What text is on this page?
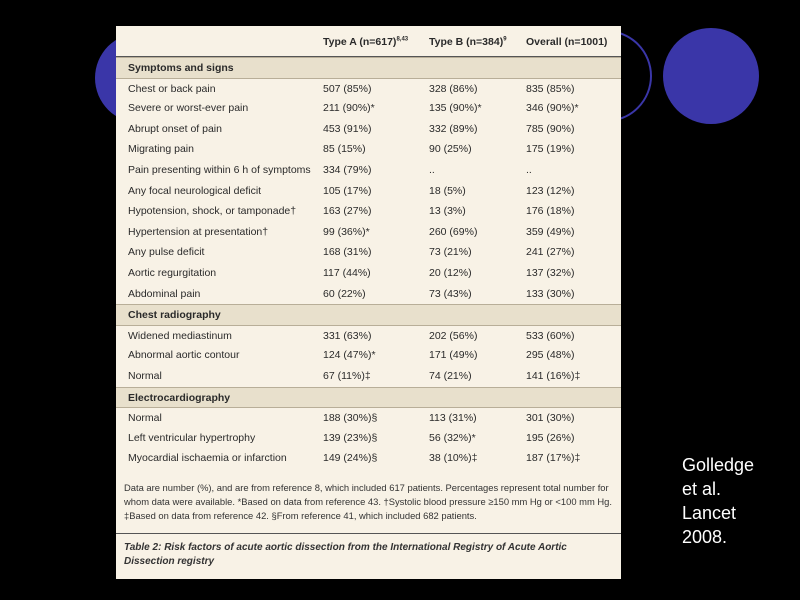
Type A (n=617)$^{8,43}$ Type B (n=384)$^9$ Overall (n=1001)
Symptoms and signs
Chest or back pain	507 (85%)	328 (86%)	835 (85%)
Severe or worst-ever pain	211 (90%)*	135 (90%)*	346 (90%)*
Abrupt onset of pain	453 (91%)	332 (89%)	785 (90%)
Migrating pain	85 (15%)	90 (25%)	175 (19%)
Pain presenting within 6 h of symptoms 334 (79%)	..	..
Any focal neurological deficit	105 (17%)	18 (5%)	123 (12%)
Hypotension, shock, or tamponade†	163 (27%)	13 (3%)	176 (18%)
Hypertension at presentation†	99 (36%)*	260 (69%)	359 (49%)
Any pulse deficit	168 (31%)	73 (21%)	241 (27%)
Aortic regurgitation	117 (44%)	20 (12%)	137 (32%)
Abdominal pain	60 (22%)	73 (43%)	133 (30%)
Chest radiography
Widened mediastinum	331 (63%)	202 (56%)	533 (60%)
Abnormal aortic contour	124 (47%)*	171 (49%)	295 (48%)
Normal	67 (11%)‡	74 (21%)	141 (16%)‡
Electrocardiography
Normal	188 (30%)§	113 (31%)	301 (30%)
Left ventricular hypertrophy	139 (23%)§	56 (32%)*	195 (26%)
Myocardial ischaemia or infarction	149 (24%)§	38 (10%)‡	187 (17%)‡
Data are number (%), and are from reference 8, which included 617 patients. Percentages represent total number for whom data were available. *Based on data from reference 43. †Systolic blood pressure ≥150 mm Hg or <100 mm Hg. ‡Based on data from reference 42. §From reference 41, which included 682 patients.
Table 2: Risk factors of acute aortic dissection from the International Registry of Acute Aortic Dissection registry
Golledge
et al.
Lancet
2008.
